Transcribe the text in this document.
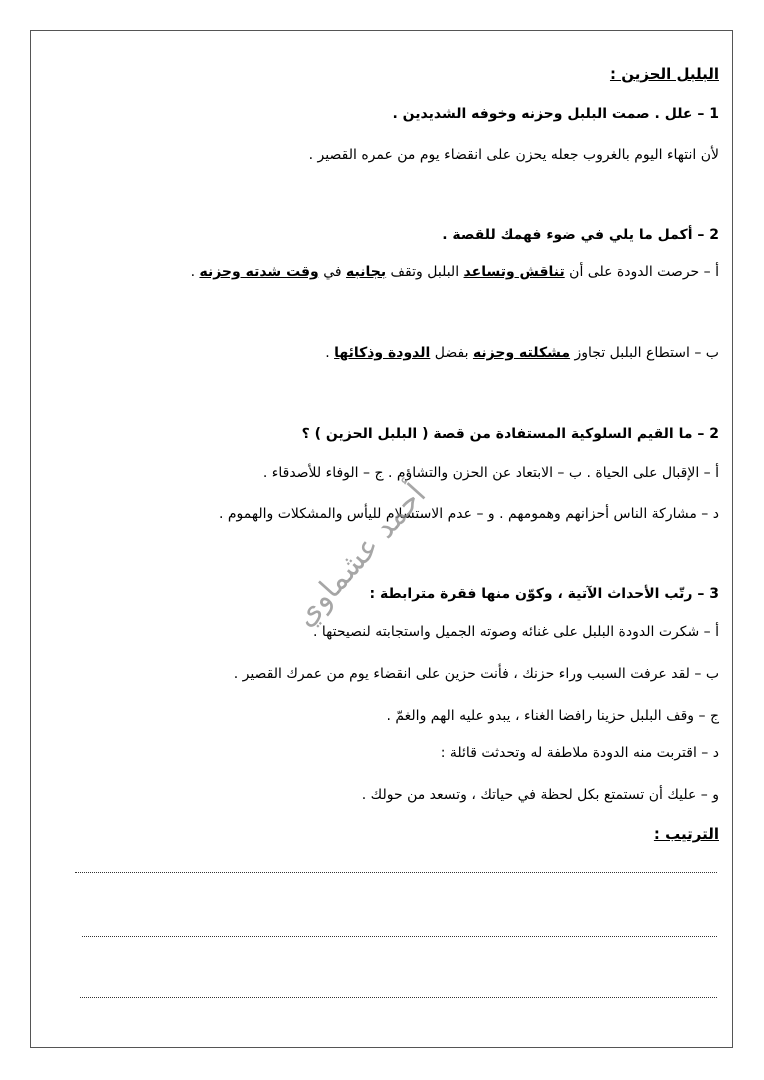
البلبل الحزين :
1 – علل . صمت البلبل وحزنه وخوفه الشديدين .
لأن انتهاء اليوم بالغروب جعله يحزن على انقضاء يوم من عمره القصير .
2 – أكمل ما يلي في ضوء فهمك للقصة .
أ – حرصت الدودة على أن تناقش وتساعد البلبل وتقف بجانبه في وقت شدته وحزنه .
ب – استطاع البلبل تجاوز مشكلته وحزنه بفضل الدودة وذكائها .
2 – ما القيم السلوكية المستفادة من قصة ( البلبل الحزين ) ؟
أ – الإقبال على الحياة . ب – الابتعاد عن الحزن والتشاؤم . ج – الوفاء للأصدقاء .
د – مشاركة الناس أحزانهم وهمومهم . و – عدم الاستسلام لليأس والمشكلات والهموم .
3 – رتّب الأحداث الآتية ، وكوّن منها فقرة مترابطة :
أ – شكرت الدودة البلبل على غنائه وصوته الجميل واستجابته لنصيحتها .
ب – لقد عرفت السبب وراء حزنك ، فأنت حزين على انقضاء يوم من عمرك القصير .
ج – وقف البلبل حزينا رافضا الغناء ، يبدو عليه الهم والغمّ .
د – اقتربت منه الدودة ملاطفة له وتحدثت قائلة :
و – عليك أن تستمتع بكل لحظة في حياتك ، وتسعد من حولك .
الترتيب :
أحمد عشماوي
